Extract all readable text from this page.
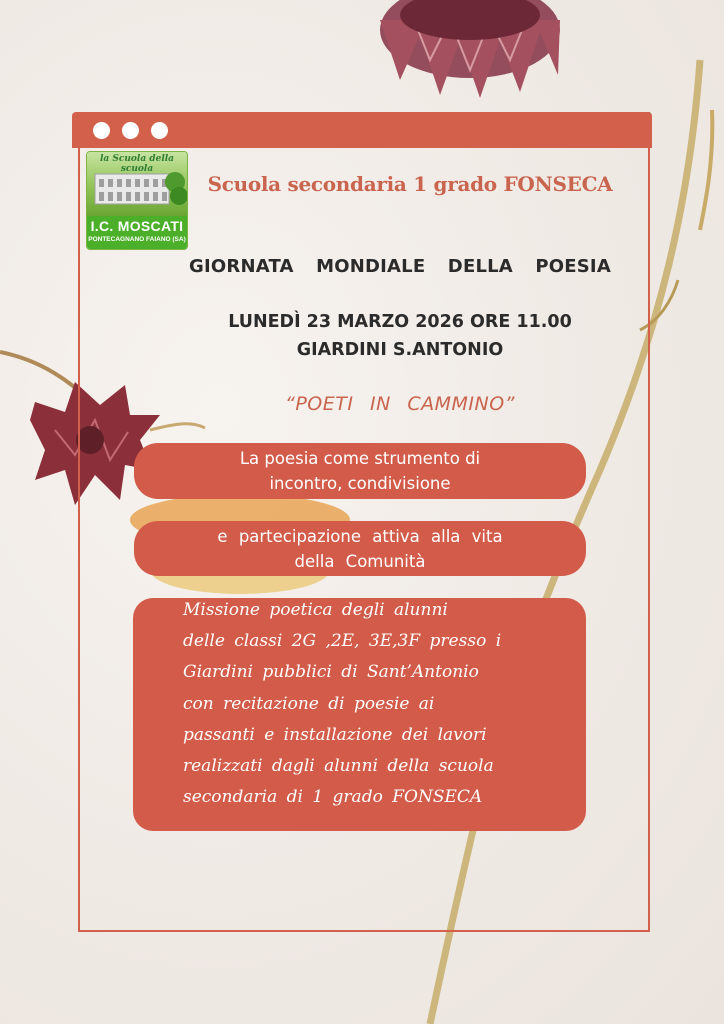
la Scuola della scuola
I.C. MOSCATI
PONTECAGNANO FAIANO (SA)
Scuola secondaria 1 grado FONSECA
GIORNATA MONDIALE DELLA POESIA
LUNEDÌ 23 MARZO 2026 ORE 11.00
GIARDINI S.ANTONIO
“POETI IN CAMMINO”
La poesia come strumento di
incontro, condivisione
e partecipazione attiva alla vita
della Comunità
Missione poetica degli alunni
delle classi 2G ,2E, 3E,3F presso i
Giardini pubblici di Sant’Antonio
con recitazione di poesie ai
passanti e installazione dei lavori
realizzati dagli alunni della scuola
secondaria di 1 grado FONSECA
